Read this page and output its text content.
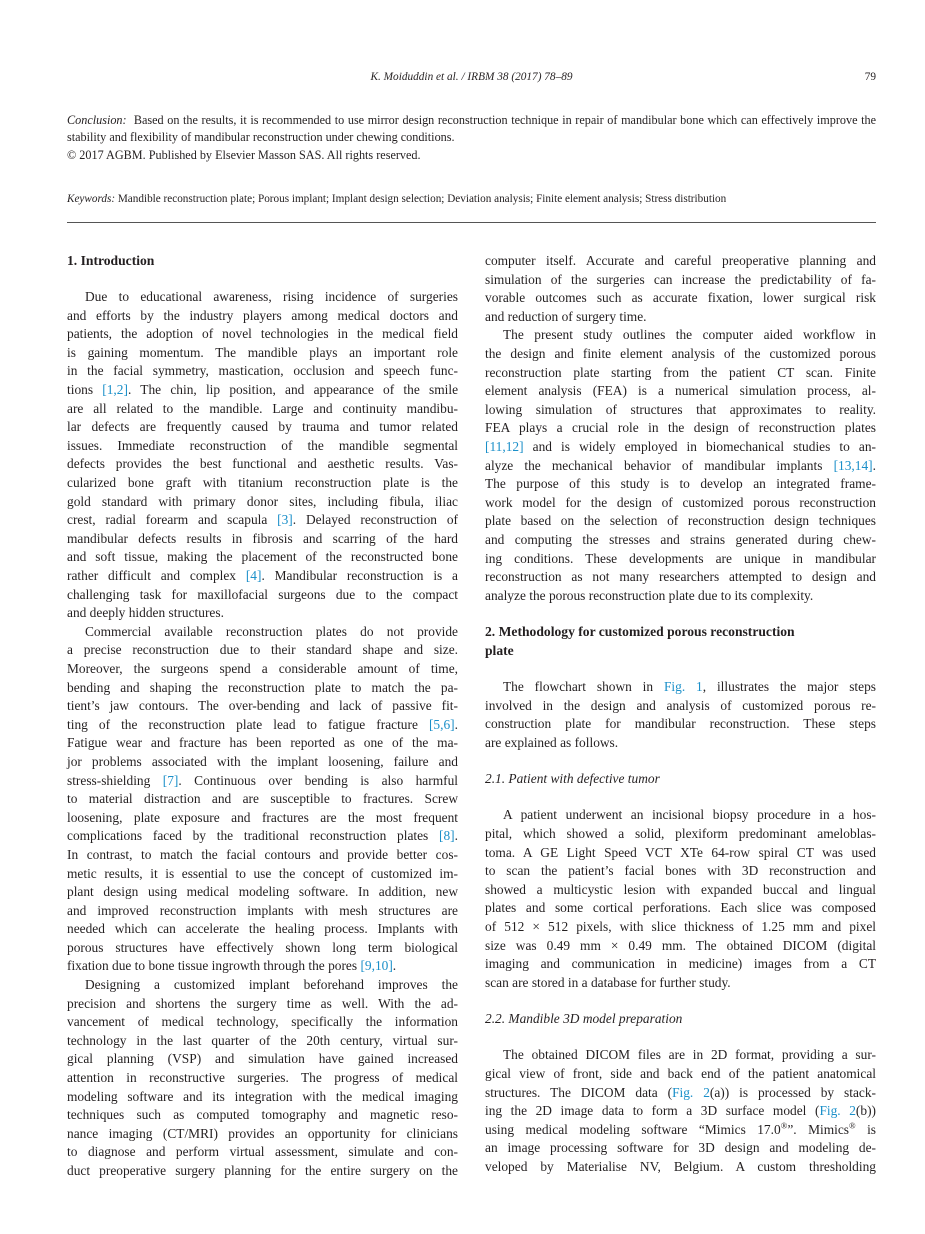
K. Moiduddin et al. / IRBM 38 (2017) 78–89	79
Conclusion: Based on the results, it is recommended to use mirror design reconstruction technique in repair of mandibular bone which can effectively improve the stability and flexibility of mandibular reconstruction under chewing conditions.
© 2017 AGBM. Published by Elsevier Masson SAS. All rights reserved.
Keywords: Mandible reconstruction plate; Porous implant; Implant design selection; Deviation analysis; Finite element analysis; Stress distribution
1. Introduction
Due to educational awareness, rising incidence of surgeries
and efforts by the industry players among medical doctors and
patients, the adoption of novel technologies in the medical field
is gaining momentum. The mandible plays an important role
in the facial symmetry, mastication, occlusion and speech func-
tions [1,2]. The chin, lip position, and appearance of the smile
are all related to the mandible. Large and continuity mandibu-
lar defects are frequently caused by trauma and tumor related
issues. Immediate reconstruction of the mandible segmental
defects provides the best functional and aesthetic results. Vas-
cularized bone graft with titanium reconstruction plate is the
gold standard with primary donor sites, including fibula, iliac
crest, radial forearm and scapula [3]. Delayed reconstruction of
mandibular defects results in fibrosis and scarring of the hard
and soft tissue, making the placement of the reconstructed bone
rather difficult and complex [4]. Mandibular reconstruction is a
challenging task for maxillofacial surgeons due to the compact
and deeply hidden structures.
Commercial available reconstruction plates do not provide
a precise reconstruction due to their standard shape and size.
Moreover, the surgeons spend a considerable amount of time,
bending and shaping the reconstruction plate to match the pa-
tient’s jaw contours. The over-bending and lack of passive fit-
ting of the reconstruction plate lead to fatigue fracture [5,6].
Fatigue wear and fracture has been reported as one of the ma-
jor problems associated with the implant loosening, failure and
stress-shielding [7]. Continuous over bending is also harmful
to material distraction and are susceptible to fractures. Screw
loosening, plate exposure and fractures are the most frequent
complications faced by the traditional reconstruction plates [8].
In contrast, to match the facial contours and provide better cos-
metic results, it is essential to use the concept of customized im-
plant design using medical modeling software. In addition, new
and improved reconstruction implants with mesh structures are
needed which can accelerate the healing process. Implants with
porous structures have effectively shown long term biological
fixation due to bone tissue ingrowth through the pores [9,10].
Designing a customized implant beforehand improves the
precision and shortens the surgery time as well. With the ad-
vancement of medical technology, specifically the information
technology in the last quarter of the 20th century, virtual sur-
gical planning (VSP) and simulation have gained increased
attention in reconstructive surgeries. The progress of medical
modeling software and its integration with the medical imaging
techniques such as computed tomography and magnetic reso-
nance imaging (CT/MRI) provides an opportunity for clinicians
to diagnose and perform virtual assessment, simulate and con-
duct preoperative surgery planning for the entire surgery on the
computer itself. Accurate and careful preoperative planning and
simulation of the surgeries can increase the predictability of fa-
vorable outcomes such as accurate fixation, lower surgical risk
and reduction of surgery time.
The present study outlines the computer aided workflow in
the design and finite element analysis of the customized porous
reconstruction plate starting from the patient CT scan. Finite
element analysis (FEA) is a numerical simulation process, al-
lowing simulation of structures that approximates to reality.
FEA plays a crucial role in the design of reconstruction plates
[11,12] and is widely employed in biomechanical studies to an-
alyze the mechanical behavior of mandibular implants [13,14].
The purpose of this study is to develop an integrated frame-
work model for the design of customized porous reconstruction
plate based on the selection of reconstruction design techniques
and computing the stresses and strains generated during chew-
ing conditions. These developments are unique in mandibular
reconstruction as not many researchers attempted to design and
analyze the porous reconstruction plate due to its complexity.
2. Methodology for customized porous reconstruction
plate
The flowchart shown in Fig. 1, illustrates the major steps
involved in the design and analysis of customized porous re-
construction plate for mandibular reconstruction. These steps
are explained as follows.
2.1. Patient with defective tumor
A patient underwent an incisional biopsy procedure in a hos-
pital, which showed a solid, plexiform predominant ameloblas-
toma. A GE Light Speed VCT XTe 64-row spiral CT was used
to scan the patient’s facial bones with 3D reconstruction and
showed a multicystic lesion with expanded buccal and lingual
plates and some cortical perforations. Each slice was composed
of 512 × 512 pixels, with slice thickness of 1.25 mm and pixel
size was 0.49 mm × 0.49 mm. The obtained DICOM (digital
imaging and communication in medicine) images from a CT
scan are stored in a database for further study.
2.2. Mandible 3D model preparation
The obtained DICOM files are in 2D format, providing a sur-
gical view of front, side and back end of the patient anatomical
structures. The DICOM data (Fig. 2(a)) is processed by stack-
ing the 2D image data to form a 3D surface model (Fig. 2(b))
using medical modeling software “Mimics 17.0®”. Mimics® is
an image processing software for 3D design and modeling de-
veloped by Materialise NV, Belgium. A custom thresholding
